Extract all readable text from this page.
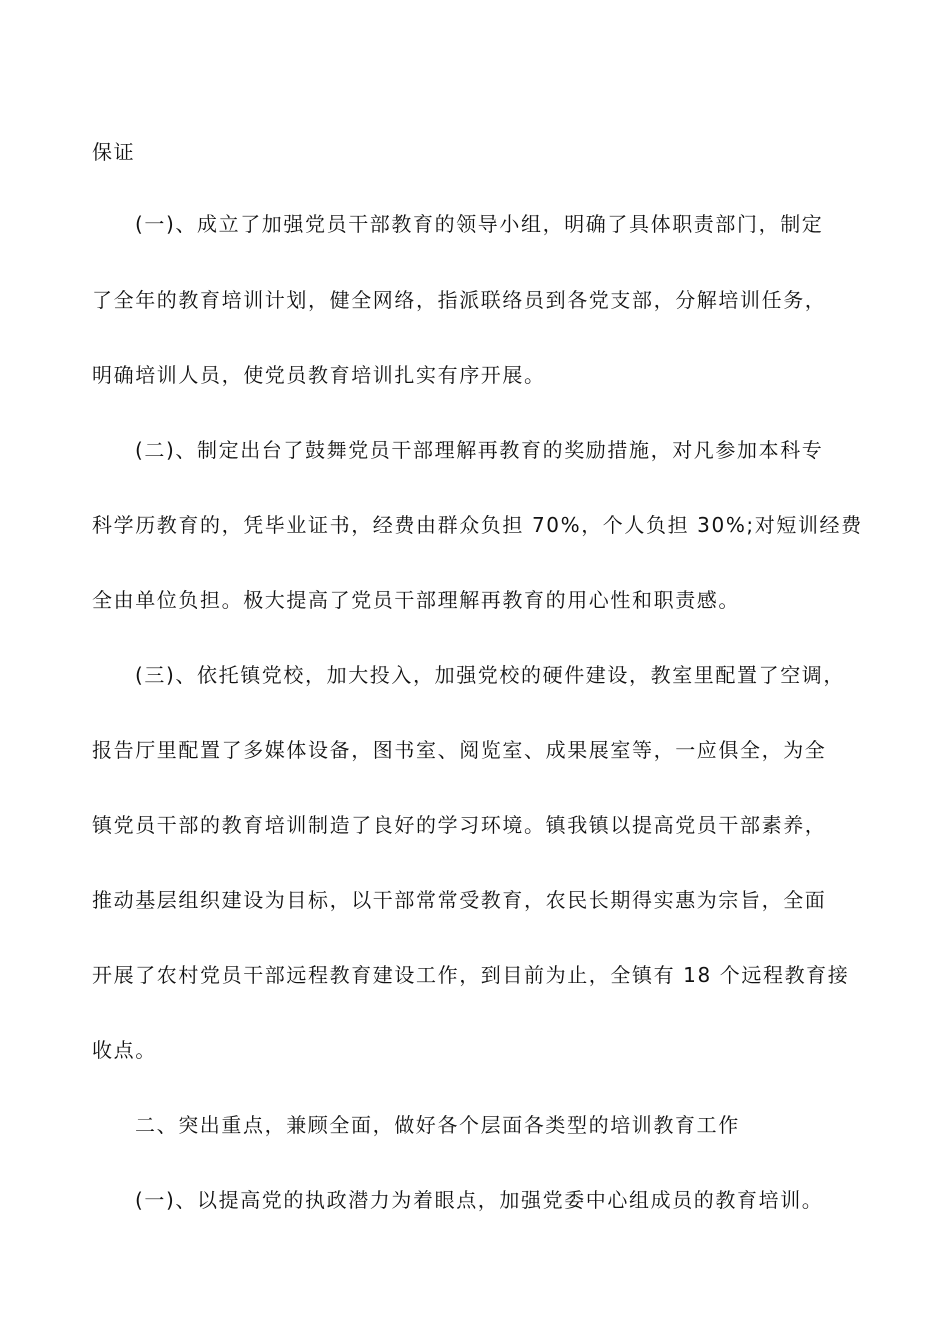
保证
(一)、成立了加强党员干部教育的领导小组，明确了具体职责部门，制定
了全年的教育培训计划，健全网络，指派联络员到各党支部，分解培训任务，
明确培训人员，使党员教育培训扎实有序开展。
(二)、制定出台了鼓舞党员干部理解再教育的奖励措施，对凡参加本科专
科学历教育的，凭毕业证书，经费由群众负担 70%，个人负担 30%;对短训经费
全由单位负担。极大提高了党员干部理解再教育的用心性和职责感。
(三)、依托镇党校，加大投入，加强党校的硬件建设，教室里配置了空调，
报告厅里配置了多媒体设备，图书室、阅览室、成果展室等，一应俱全，为全
镇党员干部的教育培训制造了良好的学习环境。镇我镇以提高党员干部素养，
推动基层组织建设为目标，以干部常常受教育，农民长期得实惠为宗旨，全面
开展了农村党员干部远程教育建设工作，到目前为止，全镇有 18 个远程教育接
收点。
二、突出重点，兼顾全面，做好各个层面各类型的培训教育工作
(一)、以提高党的执政潜力为着眼点，加强党委中心组成员的教育培训。
